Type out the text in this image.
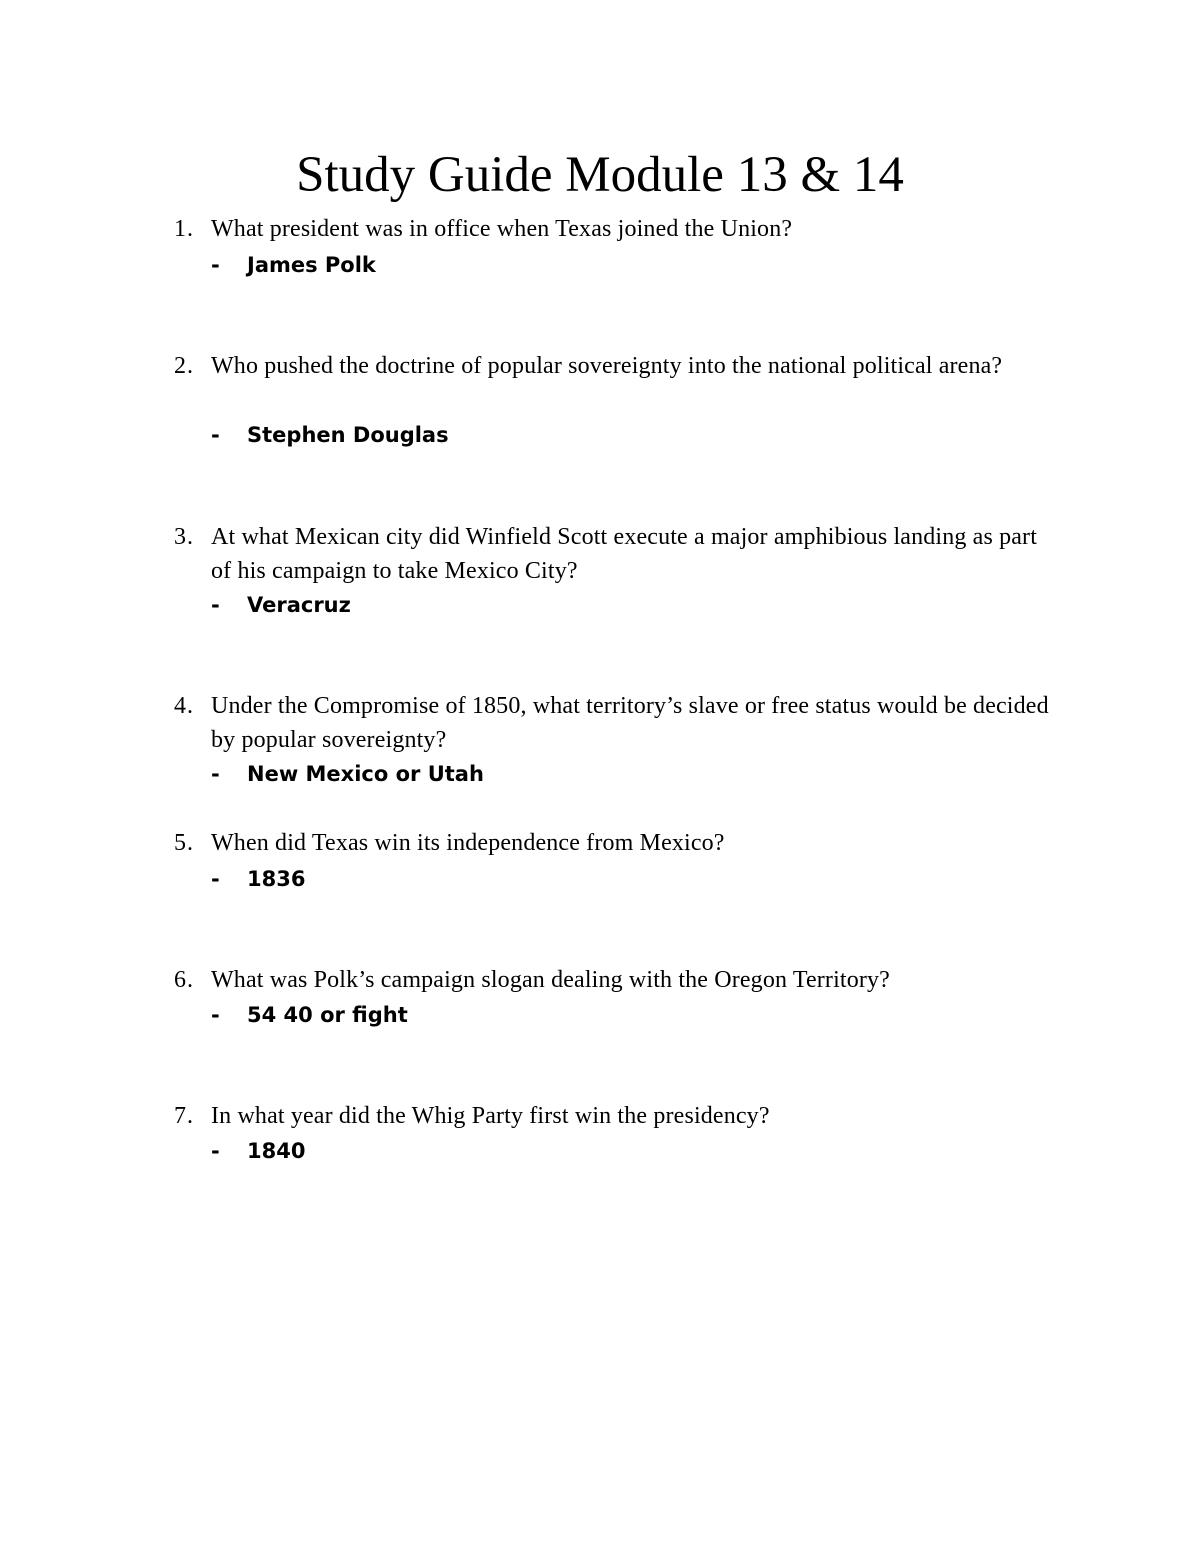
Study Guide Module 13 & 14
1. What president was in office when Texas joined the Union?
- James Polk
2. Who pushed the doctrine of popular sovereignty into the national political arena?
- Stephen Douglas
3. At what Mexican city did Winfield Scott execute a major amphibious landing as part of his campaign to take Mexico City?
- Veracruz
4. Under the Compromise of 1850, what territory’s slave or free status would be decided by popular sovereignty?
- New Mexico or Utah
5. When did Texas win its independence from Mexico?
- 1836
6. What was Polk’s campaign slogan dealing with the Oregon Territory?
- 54 40 or fight
7. In what year did the Whig Party first win the presidency?
- 1840
